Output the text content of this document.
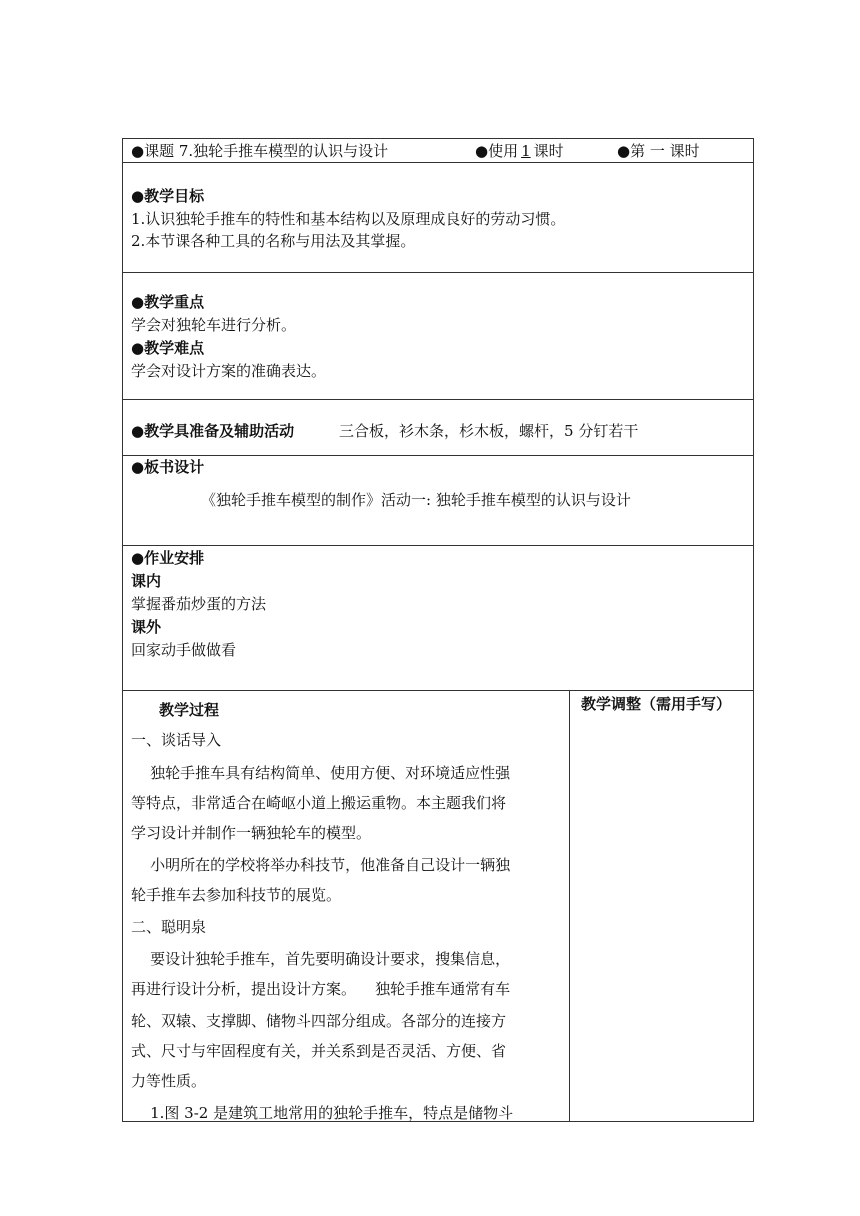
●课题 7.独轮手推车模型的认识与设计	●使用 1 课时	●第 一 课时
●教学目标
1.认识独轮手推车的特性和基本结构以及原理成良好的劳动习惯。
2.本节课各种工具的名称与用法及其掌握。
●教学重点
学会对独轮车进行分析。
●教学难点
学会对设计方案的准确表达。
●教学具准备及辅助活动	三合板，衫木条，杉木板，螺杆，5 分钉若干
●板书设计
《独轮手推车模型的制作》活动一: 独轮手推车模型的认识与设计
●作业安排
课内
掌握番茄炒蛋的方法
课外
回家动手做做看
教学过程	教学调整（需用手写）
一、谈话导入
独轮手推车具有结构简单、使用方便、对环境适应性强
等特点，非常适合在崎岖小道上搬运重物。本主题我们将
学习设计并制作一辆独轮车的模型。
小明所在的学校将举办科技节，他准备自己设计一辆独
轮手推车去参加科技节的展览。
二、聪明泉
要设计独轮手推车，首先要明确设计要求，搜集信息，
再进行设计分析，提出设计方案。    独轮手推车通常有车
轮、双辕、支撑脚、储物斗四部分组成。各部分的连接方
式、尺寸与牢固程度有关，并关系到是否灵活、方便、省
力等性质。
1.图 3-2 是建筑工地常用的独轮手推车，特点是储物斗
